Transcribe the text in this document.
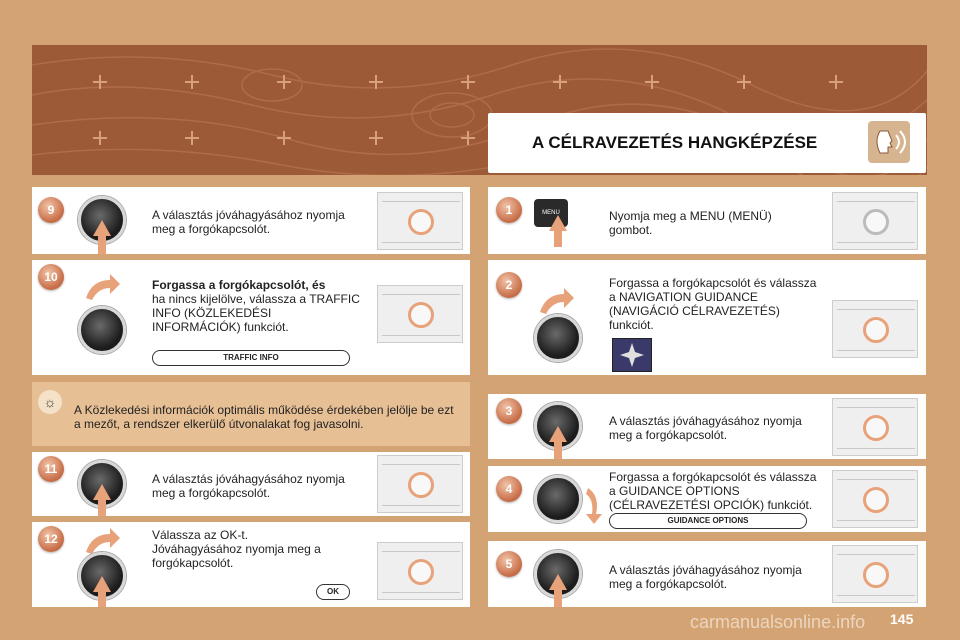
A CÉLRAVEZETÉS HANGKÉPZÉSE
9	A választás jóváhagyásához nyomja meg a forgókapcsolót.
10
Forgassa a forgókapcsolót, és
ha nincs kijelölve, válassza a TRAFFIC INFO (KÖZLEKEDÉSI INFORMÁCIÓK) funkciót.
TRAFFIC INFO
☼	A Közlekedési információk optimális működése érdekében jelölje be ezt a mezőt, a rendszer elkerülő útvonalakat fog javasolni.
11
A választás jóváhagyásához nyomja meg a forgókapcsolót.
12	Válassza az OK-t.
Jóváhagyásához nyomja meg a forgókapcsolót.
OK
1	MENU	Nyomja meg a MENU (MENÜ) gombot.
2	Forgassa a forgókapcsolót és válassza a NAVIGATION GUIDANCE (NAVIGÁCIÓ CÉLRAVEZETÉS) funkciót.
3
A választás jóváhagyásához nyomja meg a forgókapcsolót.
4
Forgassa a forgókapcsolót és válassza a GUIDANCE OPTIONS (CÉLRAVEZETÉSI OPCIÓK) funkciót.
GUIDANCE OPTIONS
5	A választás jóváhagyásához nyomja meg a forgókapcsolót.
carmanualsonline.info 145
